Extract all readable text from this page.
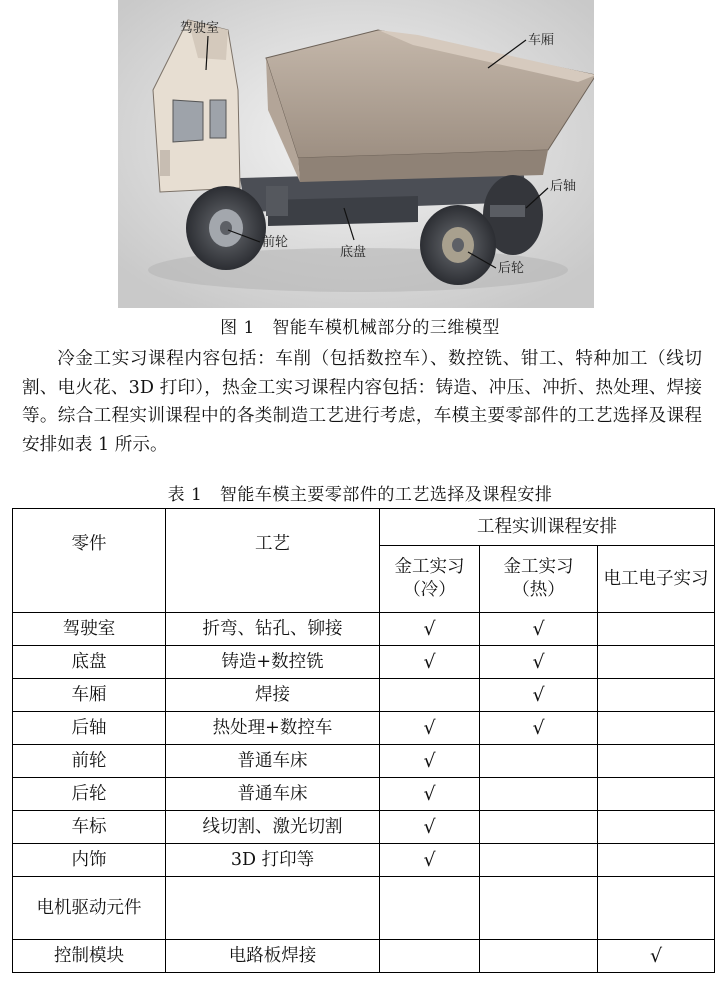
驾驶室
车厢
后轴
前轮
底盘
后轮
图 1　智能车模机械部分的三维模型

冷金工实习课程内容包括：车削（包括数控车）、数控铣、钳工、特种加工（线切割、电火花、3D 打印），热金工实习课程内容包括：铸造、冲压、冲折、热处理、焊接等。综合工程实训课程中的各类制造工艺进行考虑，车模主要零部件的工艺选择及课程安排如表 1 所示。

表 1　智能车模主要零部件的工艺选择及课程安排
零件	工艺	工程实训课程安排		
		金工实习（冷）	金工实习（热）	电工电子实习

驾驶室	折弯、钻孔、铆接	√	√	
底盘	铸造+数控铣	√	√	
车厢	焊接		√	
后轴	热处理+数控车	√	√	
前轮	普通车床	√		
后轮	普通车床	√		
车标	线切割、激光切割	√		
内饰	3D 打印等	√		
电机驱动元件				
控制模块	电路板焊接			√
